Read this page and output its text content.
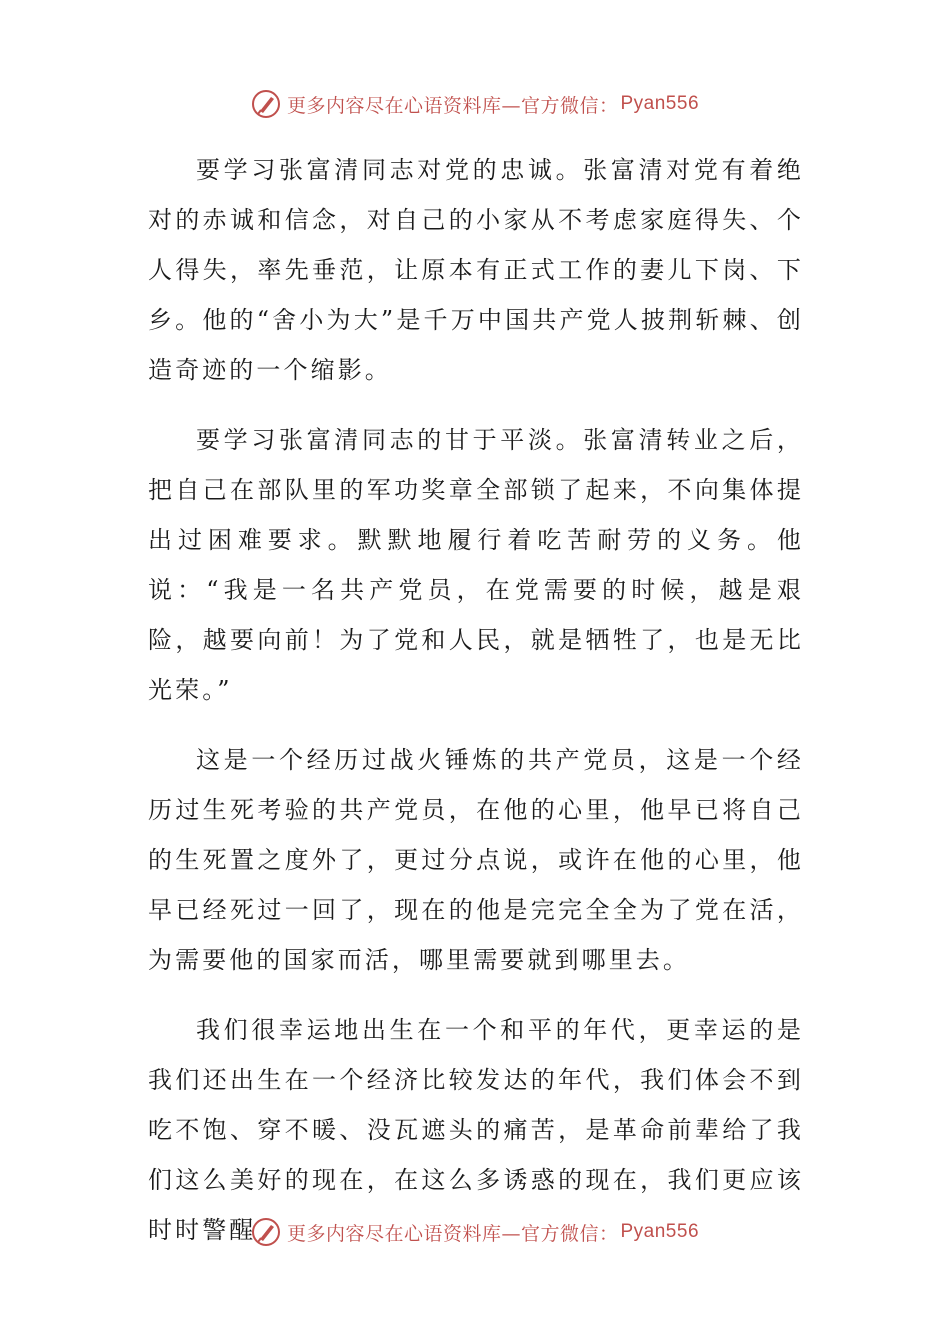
更多内容尽在心语资料库—官方微信： Pyan556

要学习张富清同志对党的忠诚。张富清对党有着绝对的赤诚和信念，对自己的小家从不考虑家庭得失、个人得失，率先垂范，让原本有正式工作的妻儿下岗、下乡。他的“舍小为大”是千万中国共产党人披荆斩棘、创造奇迹的一个缩影。

要学习张富清同志的甘于平淡。张富清转业之后，把自己在部队里的军功奖章全部锁了起来，不向集体提出过困难要求。默默地履行着吃苦耐劳的义务。他说：“我是一名共产党员，在党需要的时候，越是艰险，越要向前！为了党和人民，就是牺牲了，也是无比光荣。”

这是一个经历过战火锤炼的共产党员，这是一个经历过生死考验的共产党员，在他的心里，他早已将自己的生死置之度外了，更过分点说，或许在他的心里，他早已经死过一回了，现在的他是完完全全为了党在活，为需要他的国家而活，哪里需要就到哪里去。

我们很幸运地出生在一个和平的年代，更幸运的是我们还出生在一个经济比较发达的年代，我们体会不到吃不饱、穿不暖、没瓦遮头的痛苦，是革命前辈给了我们这么美好的现在，在这么多诱惑的现在，我们更应该时时警醒	更多内容尽在心语资料库—官方微信： Pyan556
